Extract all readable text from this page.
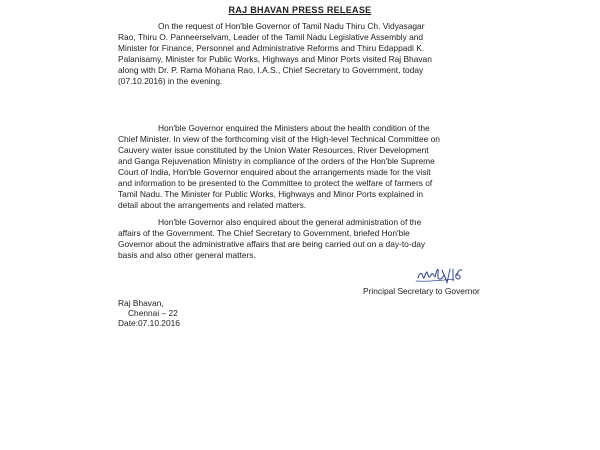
RAJ BHAVAN PRESS RELEASE

On the request of Hon'ble Governor of Tamil Nadu Thiru Ch. Vidyasagar
Rao, Thiru O. Panneerselvam, Leader of the Tamil Nadu Legislative Assembly and
Minister for Finance, Personnel and Administrative Reforms and Thiru Edappadi K.
Palanisamy, Minister for Public Works, Highways and Minor Ports visited Raj Bhavan
along with Dr. P. Rama Mohana Rao, I.A.S., Chief Secretary to Government, today
(07.10.2016) in the evening.

Hon'ble Governor enquired the Ministers about the health condition of the
Chief Minister. In view of the forthcoming visit of the High-level Technical Committee on
Cauvery water issue constituted by the Union Water Resources, River Development
and Ganga Rejuvenation Ministry in compliance of the orders of the Hon'ble Supreme
Court of India, Hon'ble Governor enquired about the arrangements made for the visit
and information to be presented to the Committee to protect the welfare of farmers of
Tamil Nadu. The Minister for Public Works, Highways and Minor Ports explained in
detail about the arrangements and related matters.

Hon'ble Governor also enquired about the general administration of the
affairs of the Government. The Chief Secretary to Government, briefed Hon'ble
Governor about the administrative affairs that are being carried out on a day-to-day
basis and also other general matters.

Principal Secretary to Governor
Raj Bhavan,
Chennai – 22
Date:07.10.2016
